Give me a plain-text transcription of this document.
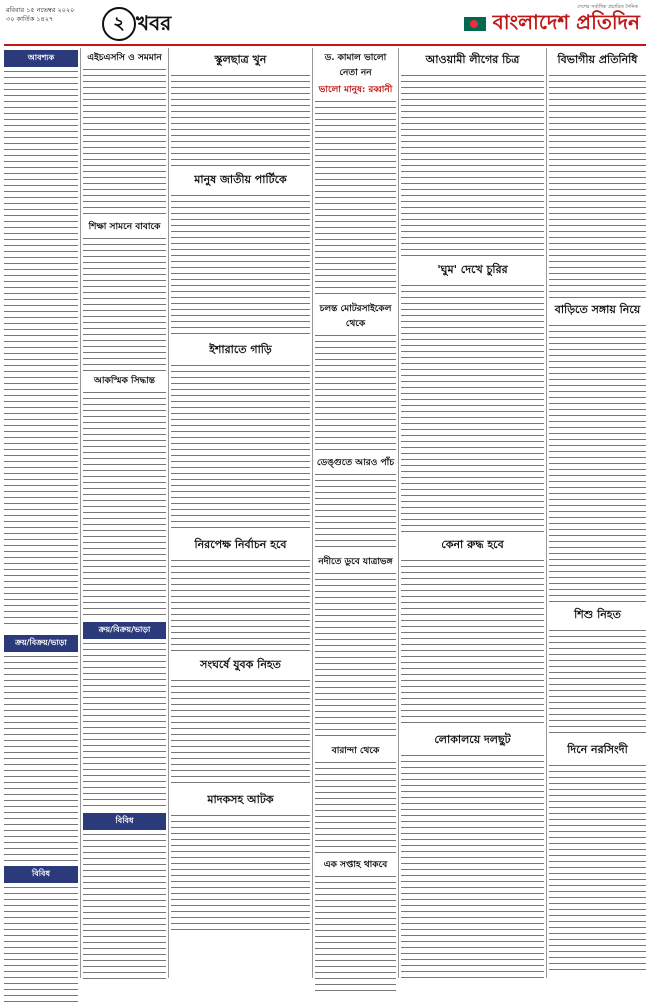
রবিবার ১৫ নভেম্বর ২০২০
৩০ কার্তিক ১৪২৭	২ খবর
দেশের সর্বাধিক প্রচারিত দৈনিক
বাংলাদেশ প্রতিদিন
আবশ্যক
ক্রয়/বিক্রয়/ভাড়া
বিবিধ
এইচএসসি ও সমমান
শিক্ষা সামনে বাবাকে
আকস্মিক সিদ্ধান্ত
ক্রয়/বিক্রয়/ভাড়া
বিবিধ
স্কুলছাত্র খুন
মানুষ জাতীয় পার্টিকে
ইশারাতে গাড়ি
নিরপেক্ষ নির্বাচন হবে
সংঘর্ষে যুবক নিহত
মাদকসহ আটক
ড. কামাল ভালো নেতা নন
ভালো মানুষ: রব্বানী
চলন্ত মোটরসাইকেল থেকে
ডেঙ্গুতে আরও পাঁচ
নদীতে ডুবে যাত্রাভঙ্গ
বারান্দা থেকে
এক সপ্তাহ থাকবে
আওয়ামী লীগের চিত্র
'ঘুম' দেখে চুরির
কেনা রুদ্ধ হবে
লোকালয়ে দলছুট
বিভাগীয় প্রতিনিধি
বাড়িতে সঙ্গায় নিয়ে
শিশু নিহত
দিনে নরসিংদী
